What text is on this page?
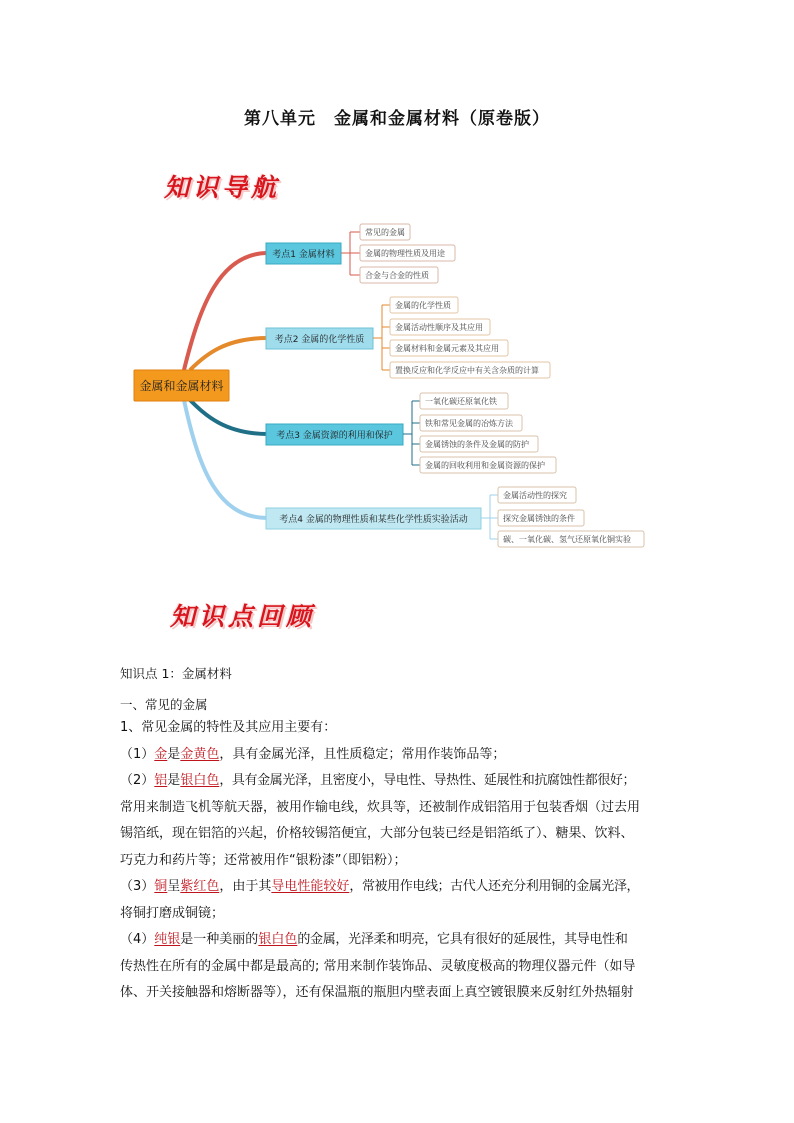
第八单元　金属和金属材料（原卷版）
知识导航
金属和金属材料
考点1 金属材料
常见的金属
金属的物理性质及用途
合金与合金的性质
考点2 金属的化学性质
金属的化学性质
金属活动性顺序及其应用
金属材料和金属元素及其应用
置换反应和化学反应中有关含杂质的计算
考点3 金属资源的利用和保护
一氧化碳还原氧化铁
铁和常见金属的冶炼方法
金属锈蚀的条件及金属的防护
金属的回收利用和金属资源的保护
考点4 金属的物理性质和某些化学性质实验活动
金属活动性的探究
探究金属锈蚀的条件
碳、一氧化碳、氢气还原氧化铜实验
知识点回顾
知识点 1：金属材料
一、常见的金属
1、常见金属的特性及其应用主要有：
（1）金是金黄色，具有金属光泽，且性质稳定；常用作装饰品等；
（2）铝是银白色，具有金属光泽，且密度小，导电性、导热性、延展性和抗腐蚀性都很好；
常用来制造飞机等航天器，被用作输电线，炊具等，还被制作成铝箔用于包装香烟（过去用
锡箔纸，现在铝箔的兴起，价格较锡箔便宜，大部分包装已经是铝箔纸了）、糖果、饮料、
巧克力和药片等；还常被用作“银粉漆”（即铝粉）；
（3）铜呈紫红色，由于其导电性能较好，常被用作电线；古代人还充分利用铜的金属光泽，
将铜打磨成铜镜；
（4）纯银是一种美丽的银白色的金属，光泽柔和明亮，它具有很好的延展性，其导电性和
传热性在所有的金属中都是最高的; 常用来制作装饰品、灵敏度极高的物理仪器元件（如导
体、开关接触器和熔断器等），还有保温瓶的瓶胆内壁表面上真空镀银膜来反射红外热辐射
